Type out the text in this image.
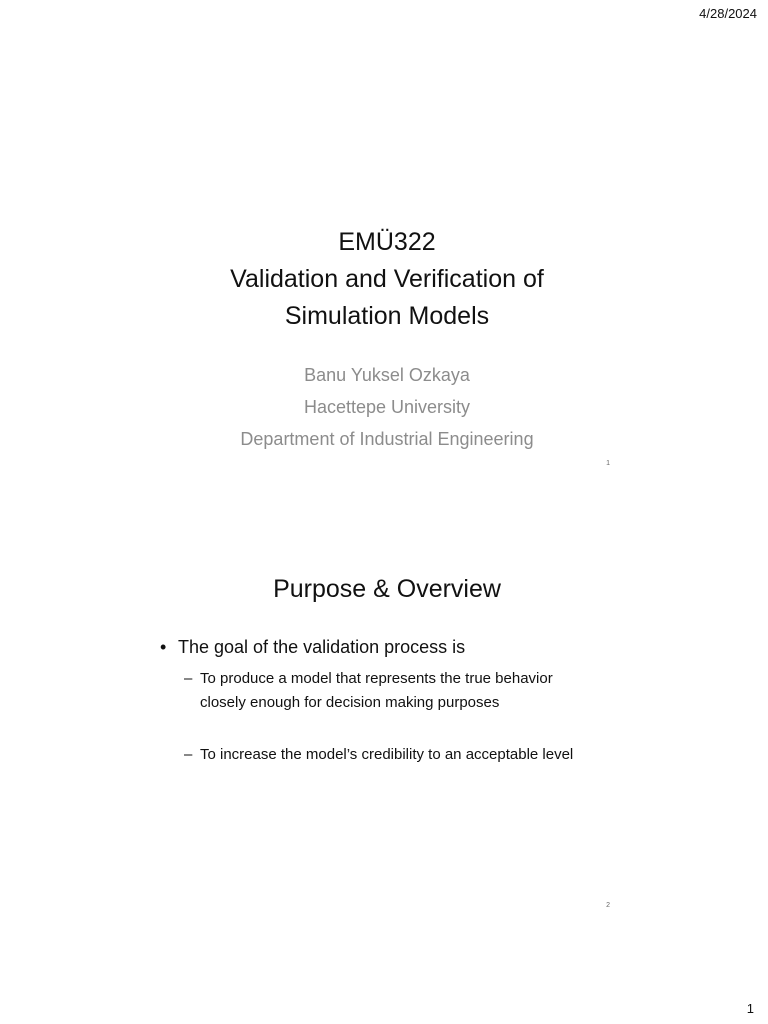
4/28/2024
EMÜ322
Validation and Verification of
Simulation Models
Banu Yuksel Ozkaya
Hacettepe University
Department of Industrial Engineering
1
Purpose & Overview
• The goal of the validation process is
– To produce a model that represents the true behavior closely enough for decision making purposes
– To increase the model’s credibility to an acceptable level
2
1
